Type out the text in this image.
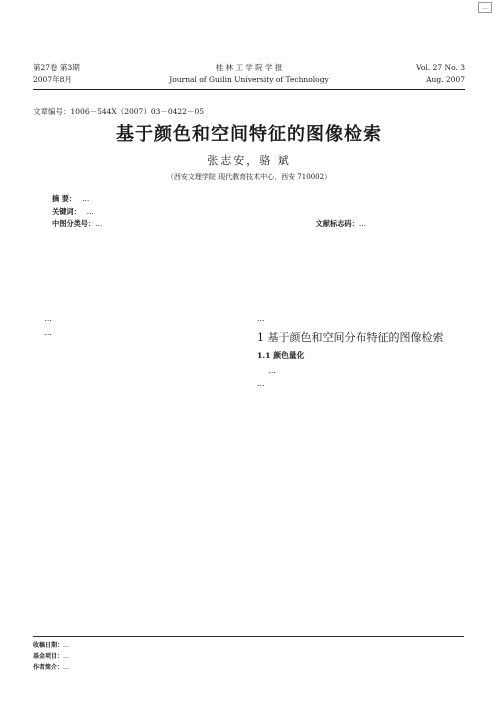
…
第27卷 第3期	桂 林 工 学 院 学 报	Vol. 27 No. 3
2007年8月	Journal of Guilin University of Technology	Aug. 2007
文章编号：1006－544X（2007）03－0422－05
基于颜色和空间特征的图像检索
张志安，骆 斌
（西安文理学院 现代教育技术中心，西安 710002）

摘 要： …

关键词： …

中图分类号：…	文献标志码：…

…

…

…

1 基于颜色和空间分布特征的图像检索
1.1 颜色量化

…

…

收稿日期：…
基金项目：…
作者简介：…
